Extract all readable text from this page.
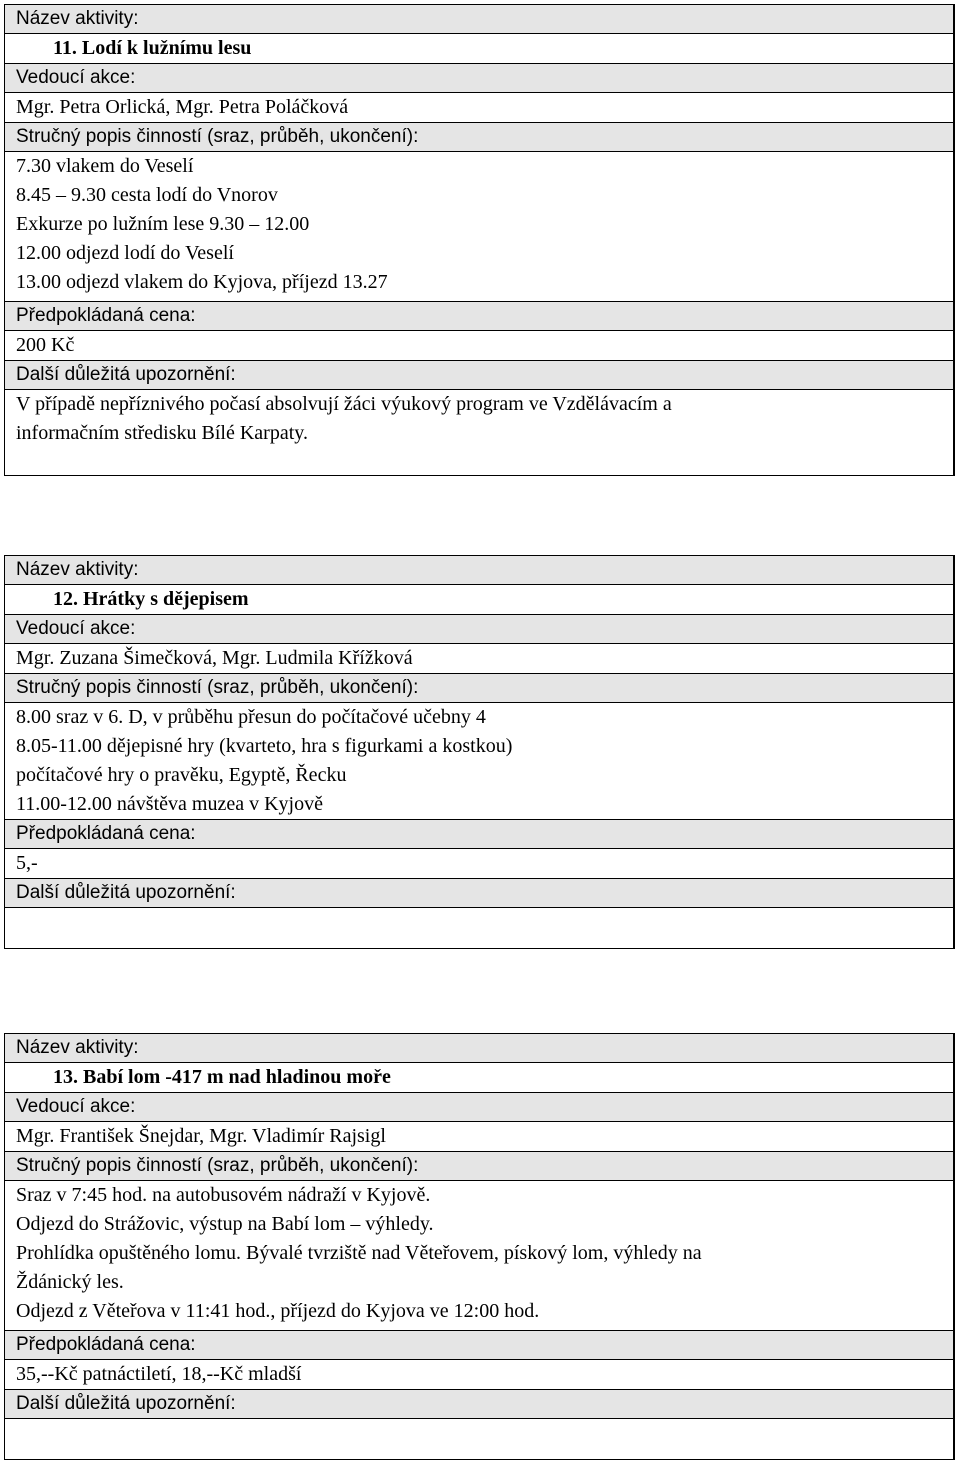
Název aktivity:
11. Lodí k lužnímu lesu
Vedoucí akce:
Mgr. Petra Orlická, Mgr. Petra Poláčková
Stručný popis činností (sraz, průběh, ukončení):
7.30 vlakem do Veselí
8.45 – 9.30 cesta lodí do Vnorov
Exkurze po lužním lese 9.30 – 12.00
12.00 odjezd lodí do Veselí
13.00 odjezd vlakem do Kyjova, příjezd 13.27
Předpokládaná cena:
200 Kč
Další důležitá upozornění:
V případě nepříznivého počasí absolvují žáci výukový program ve Vzdělávacím a
informačním středisku Bílé Karpaty.
Název aktivity:
12. Hrátky s dějepisem
Vedoucí akce:
Mgr. Zuzana Šimečková, Mgr. Ludmila Křížková
Stručný popis činností (sraz, průběh, ukončení):
8.00 sraz v 6. D, v průběhu přesun do počítačové učebny 4
8.05-11.00 dějepisné hry (kvarteto, hra s figurkami a kostkou)
počítačové hry o pravěku, Egyptě, Řecku
11.00-12.00 návštěva muzea v Kyjově
Předpokládaná cena:
5,-
Další důležitá upozornění:
Název aktivity:
13. Babí lom -417 m nad hladinou moře
Vedoucí akce:
Mgr. František Šnejdar, Mgr. Vladimír Rajsigl
Stručný popis činností (sraz, průběh, ukončení):
Sraz v 7:45 hod. na autobusovém nádraží v Kyjově.
Odjezd do Strážovic, výstup na Babí lom – výhledy.
Prohlídka opuštěného lomu. Bývalé tvrziště nad Věteřovem, pískový lom, výhledy na
Ždánický les.
Odjezd z Věteřova v 11:41 hod., příjezd do Kyjova ve 12:00 hod.
Předpokládaná cena:
35,--Kč patnáctiletí, 18,--Kč mladší
Další důležitá upozornění:
